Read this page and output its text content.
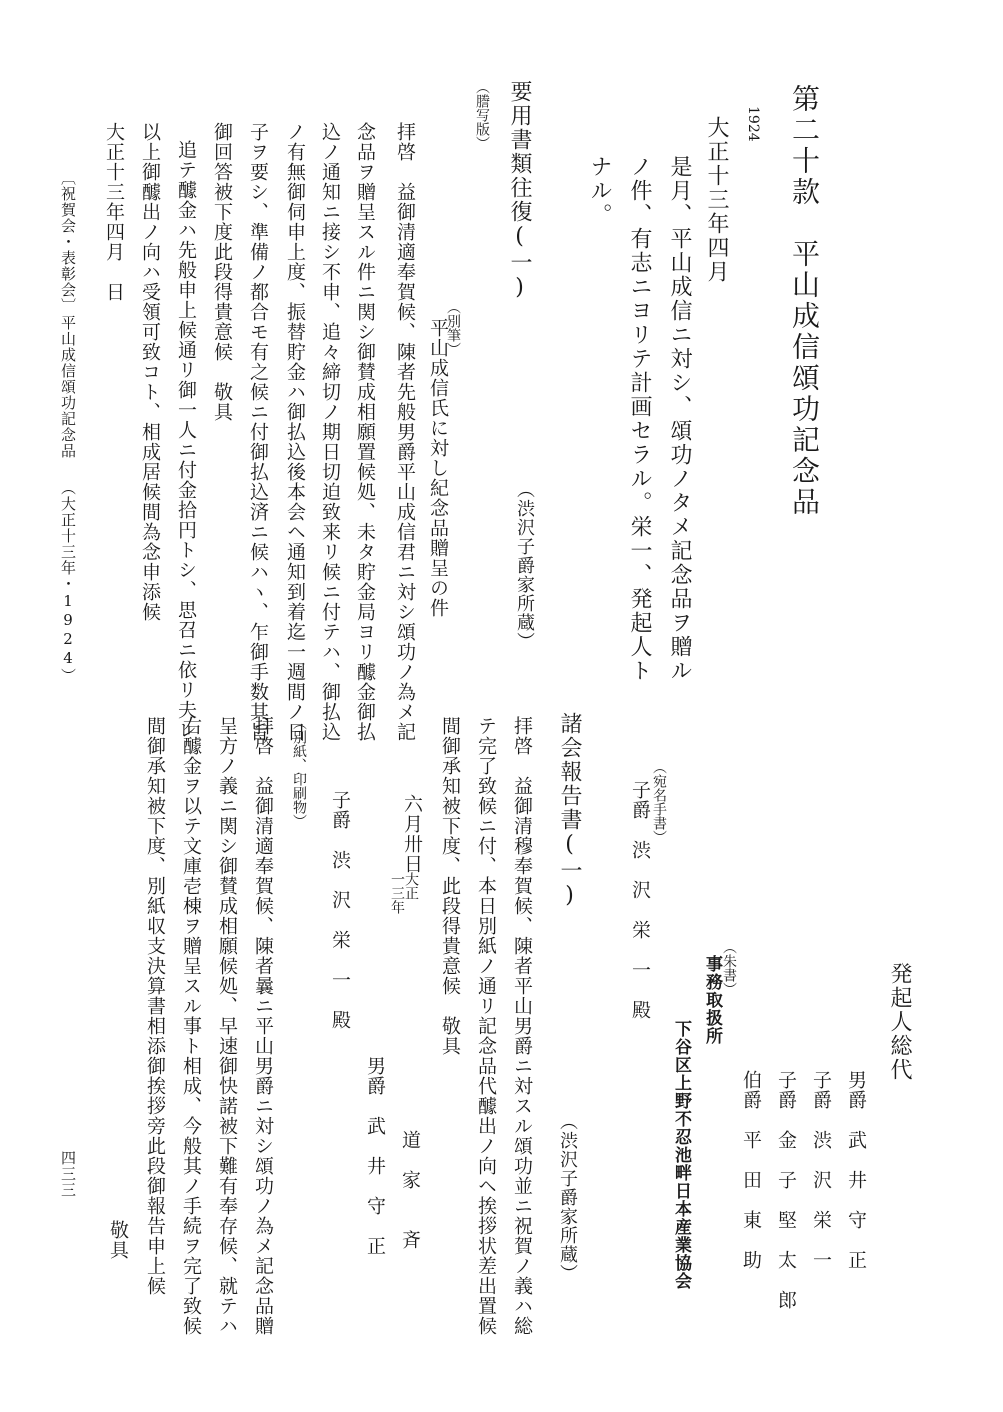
第二十款　平山成信頌功記念品
1924
大正十三年四月
是月、平山成信ニ対シ、頌功ノタメ記念品ヲ贈ル
ノ件、有志ニヨリテ計画セラル。栄一、発起人ト
ナル。
要用書類往復(一)
（渋沢子爵家所蔵）
（謄写版）
（別筆）
平山成信氏に対し紀念品贈呈の件
拝啓　益御清適奉賀候、陳者先般男爵平山成信君ニ対シ頌功ノ為メ記
念品ヲ贈呈スル件ニ関シ御賛成相願置候処、未タ貯金局ヨリ醵金御払
込ノ通知ニ接シ不申、追々締切ノ期日切迫致来リ候ニ付テハ、御払込
ノ有無御伺申上度、振替貯金ハ御払込後本会ヘ通知到着迄一週間ノ日
子ヲ要シ、準備ノ都合モ有之候ニ付御払込済ニ候ハヽ、乍御手数其旨
御回答被下度此段得貴意候　敬具
追テ醵金ハ先般申上候通リ御一人ニ付金拾円トシ、思召ニ依リ夫レ
以上御醵出ノ向ハ受領可致コト、相成居候間為念申添候
大正十三年四月　日
発起人総代
男爵　武　井　守　正
子爵　渋　沢　栄　一
子爵　金　子　堅　太　郎
伯爵　平　田　東　助
（朱書）
事務取扱所
下谷区上野不忍池畔日本産業協会
（宛名手書）
子爵　渋　沢　栄　一　殿
諸会報告書(一)
（渋沢子爵家所蔵）
拝啓　益御清穆奉賀候、陳者平山男爵ニ対スル頌功並ニ祝賀ノ義ハ総
テ完了致候ニ付、本日別紙ノ通リ記念品代醵出ノ向ヘ挨拶状差出置候
間御承知被下度、此段得貴意候　敬具
六月卅日
大正
一三年
道　家　　斉
男爵　武　井　守　正
子爵　渋　沢　栄　一　殿
（別紙、印刷物）
拝啓　益御清適奉賀候、陳者曩ニ平山男爵ニ対シ頌功ノ為メ記念品贈
呈方ノ義ニ関シ御賛成相願候処、早速御快諾被下難有奉存候、就テハ
右醵金ヲ以テ文庫壱棟ヲ贈呈スル事ト相成、今般其ノ手続ヲ完了致候
間御承知被下度、別紙収支決算書相添御挨拶旁此段御報告申上候
敬具
〔祝賀会・表彰会〕
平山成信頌功記念品
（大正十三年・1924）
四三三
